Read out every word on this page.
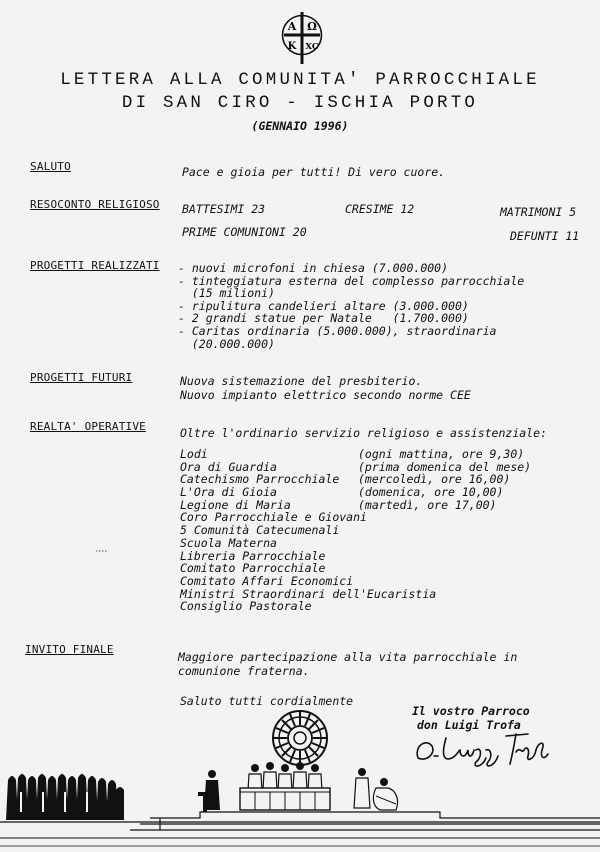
A Ω
K XC
LETTERA ALLA COMUNITA' PARROCCHIALE
DI SAN CIRO - ISCHIA PORTO
(GENNAIO 1996)
SALUTO	Pace e gioia per tutti! Di vero cuore.
RESOCONTO RELIGIOSO BATTESIMI 23	CRESIME 12	MATRIMONI 5
PRIME COMUNIONI 20	DEFUNTI 11
PROGETTI REALIZZATI - nuovi microfoni in chiesa (7.000.000)
- tinteggiatura esterna del complesso parrocchiale
(15 milioni)
- ripulitura candelieri altare (3.000.000)
- 2 grandi statue per Natale   (1.700.000)
- Caritas ordinaria (5.000.000), straordinaria
(20.000.000)
PROGETTI FUTURI	Nuova sistemazione del presbiterio.
Nuovo impianto elettrico secondo norme CEE
REALTA' OPERATIVE	Oltre l'ordinario servizio religioso e assistenziale:
Lodi	(ogni mattina, ore 9,30)
Ora di Guardia	(prima domenica del mese)
Catechismo Parrocchiale (mercoledì, ore 16,00)
L'Ora di Gioia	(domenica, ore 10,00)
Legione di Maria	(martedì, ore 17,00)
Coro Parrocchiale e Giovani
5 Comunità Catecumenali
Scuola Materna
Libreria Parrocchiale
Comitato Parrocchiale
Comitato Affari Economici
Ministri Straordinari dell'Eucaristia
Consiglio Pastorale
INVITO FINALE
Maggiore partecipazione alla vita parrocchiale in
comunione fraterna.
Saluto tutti cordialmente
Il vostro Parroco
don Luigi Trofa
